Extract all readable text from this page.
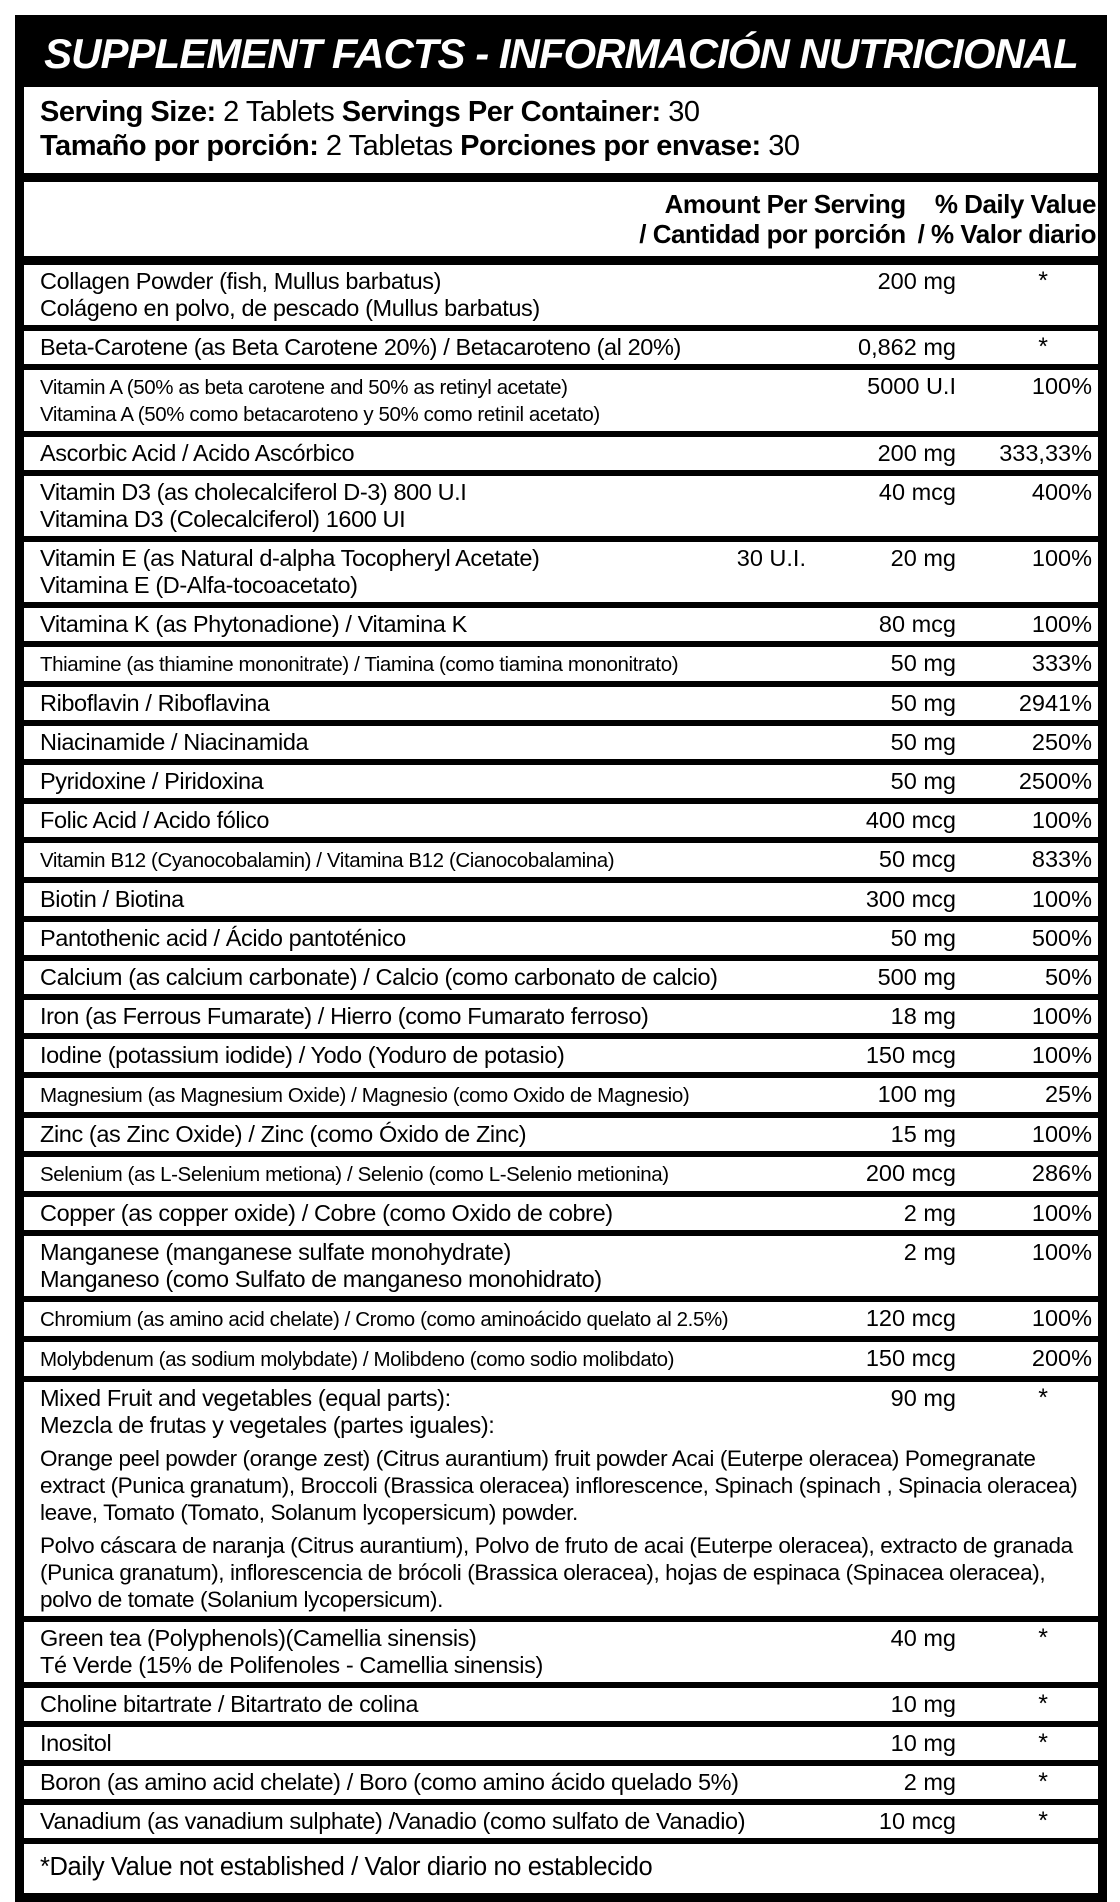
SUPPLEMENT FACTS - INFORMACIÓN NUTRICIONAL
Serving Size: 2 Tablets Servings Per Container: 30
Tamaño por porción: 2 Tabletas Porciones por envase: 30
Amount Per Serving
/ Cantidad por porción
% Daily Value
/ % Valor diario
Collagen Powder (fish, Mullus barbatus)	200 mg	*
Colágeno en polvo, de pescado (Mullus barbatus)
Beta-Carotene (as Beta Carotene 20%) / Betacaroteno (al 20%)	0,862 mg	*
Vitamin A (50% as beta carotene and 50% as retinyl acetate)	5000 U.I	100%
Vitamina A (50% como betacaroteno y 50% como retinil acetato)
Ascorbic Acid / Acido Ascórbico	200 mg	333,33%
Vitamin D3 (as cholecalciferol D-3) 800 U.I	40 mcg	400%
Vitamina D3 (Colecalciferol) 1600 UI
Vitamin E (as Natural d-alpha Tocopheryl Acetate)	30 U.I.	20 mg	100%
Vitamina E (D-Alfa-tocoacetato)
Vitamina K (as Phytonadione) / Vitamina K	80 mcg	100%
Thiamine (as thiamine mononitrate) / Tiamina (como tiamina mononitrato)	50 mg	333%
Riboflavin / Riboflavina	50 mg	2941%
Niacinamide / Niacinamida	50 mg	250%
Pyridoxine / Piridoxina	50 mg	2500%
Folic Acid / Acido fólico	400 mcg	100%
Vitamin B12 (Cyanocobalamin) / Vitamina B12 (Cianocobalamina)	50 mcg	833%
Biotin / Biotina	300 mcg	100%
Pantothenic acid / Ácido pantoténico	50 mg	500%
Calcium (as calcium carbonate) / Calcio (como carbonato de calcio)	500 mg	50%
Iron (as Ferrous Fumarate) / Hierro (como Fumarato ferroso)	18 mg	100%
Iodine (potassium iodide) / Yodo (Yoduro de potasio)	150 mcg	100%
Magnesium (as Magnesium Oxide) / Magnesio (como Oxido de Magnesio)	100 mg	25%
Zinc (as Zinc Oxide) / Zinc (como Óxido de Zinc)	15 mg	100%
Selenium (as L-Selenium metiona) / Selenio (como L-Selenio metionina)	200 mcg	286%
Copper (as copper oxide) / Cobre (como Oxido de cobre)	2 mg	100%
Manganese (manganese sulfate monohydrate)	2 mg	100%
Manganeso (como Sulfato de manganeso monohidrato)
Chromium (as amino acid chelate) / Cromo (como aminoácido quelato al 2.5%)	120 mcg	100%
Molybdenum (as sodium molybdate) / Molibdeno (como sodio molibdato)	150 mcg	200%
Mixed Fruit and vegetables (equal parts):	90 mg	*
Mezcla de frutas y vegetales (partes iguales):
Orange peel powder (orange zest) (Citrus aurantium) fruit powder Acai (Euterpe oleracea) Pomegranate extract (Punica granatum), Broccoli (Brassica oleracea) inflorescence, Spinach (spinach , Spinacia oleracea) leave, Tomato (Tomato, Solanum lycopersicum) powder.
Polvo cáscara de naranja (Citrus aurantium), Polvo de fruto de acai (Euterpe oleracea), extracto de granada (Punica granatum), inflorescencia de brócoli (Brassica oleracea), hojas de espinaca (Spinacea oleracea), polvo de tomate (Solanium lycopersicum).
Green tea (Polyphenols)(Camellia sinensis)	40 mg	*
Té Verde (15% de Polifenoles - Camellia sinensis)
Choline bitartrate / Bitartrato de colina	10 mg	*
Inositol	10 mg	*
Boron (as amino acid chelate) / Boro (como amino ácido quelado 5%)	2 mg	*
Vanadium (as vanadium sulphate) /Vanadio (como sulfato de Vanadio)	10 mcg	*
*Daily Value not established / Valor diario no establecido
